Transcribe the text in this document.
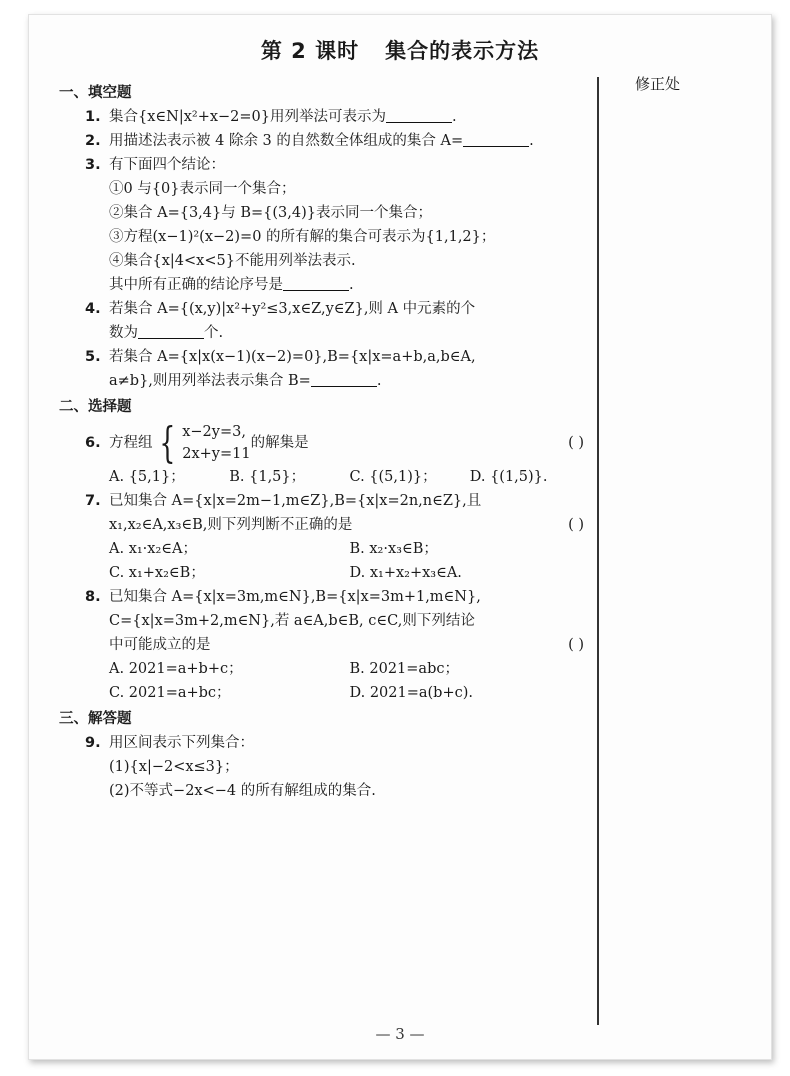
第 2 课时 集合的表示方法
修正处
一、填空题
1. 集合{x∈N|x²+x−2=0}用列举法可表示为	.
2. 用描述法表示被 4 除余 3 的自然数全体组成的集合 A=	.
3. 有下面四个结论：
①0 与{0}表示同一个集合；
②集合 A={3,4}与 B={(3,4)}表示同一个集合；
③方程(x−1)²(x−2)=0 的所有解的集合可表示为{1,1,2}；
④集合{x|4<x<5}不能用列举法表示.
其中所有正确的结论序号是	.
4. 若集合 A={(x,y)|x²+y²≤3,x∈Z,y∈Z},则 A 中元素的个
数为	个.
5. 若集合 A={x|x(x−1)(x−2)=0},B={x|x=a+b,a,b∈A,
a≠b},则用列举法表示集合 B=	.
二、选择题
6. 方程组 { x−2y=3,
2x+y=11
的解集是	( )
A. {5,1}；	B. {1,5}；	C. {(5,1)}；	D. {(1,5)}.
7. 已知集合 A={x|x=2m−1,m∈Z},B={x|x=2n,n∈Z},且
x₁,x₂∈A,x₃∈B,则下列判断不正确的是	( )
A. x₁·x₂∈A；	B. x₂·x₃∈B；
C. x₁+x₂∈B；	D. x₁+x₂+x₃∈A.
8. 已知集合 A={x|x=3m,m∈N},B={x|x=3m+1,m∈N},
C={x|x=3m+2,m∈N},若 a∈A,b∈B, c∈C,则下列结论
中可能成立的是	( )
A. 2021=a+b+c；	B. 2021=abc；
C. 2021=a+bc；	D. 2021=a(b+c).
三、解答题
9. 用区间表示下列集合：
(1){x|−2<x≤3}；
(2)不等式−2x<−4 的所有解组成的集合.
— 3 —
